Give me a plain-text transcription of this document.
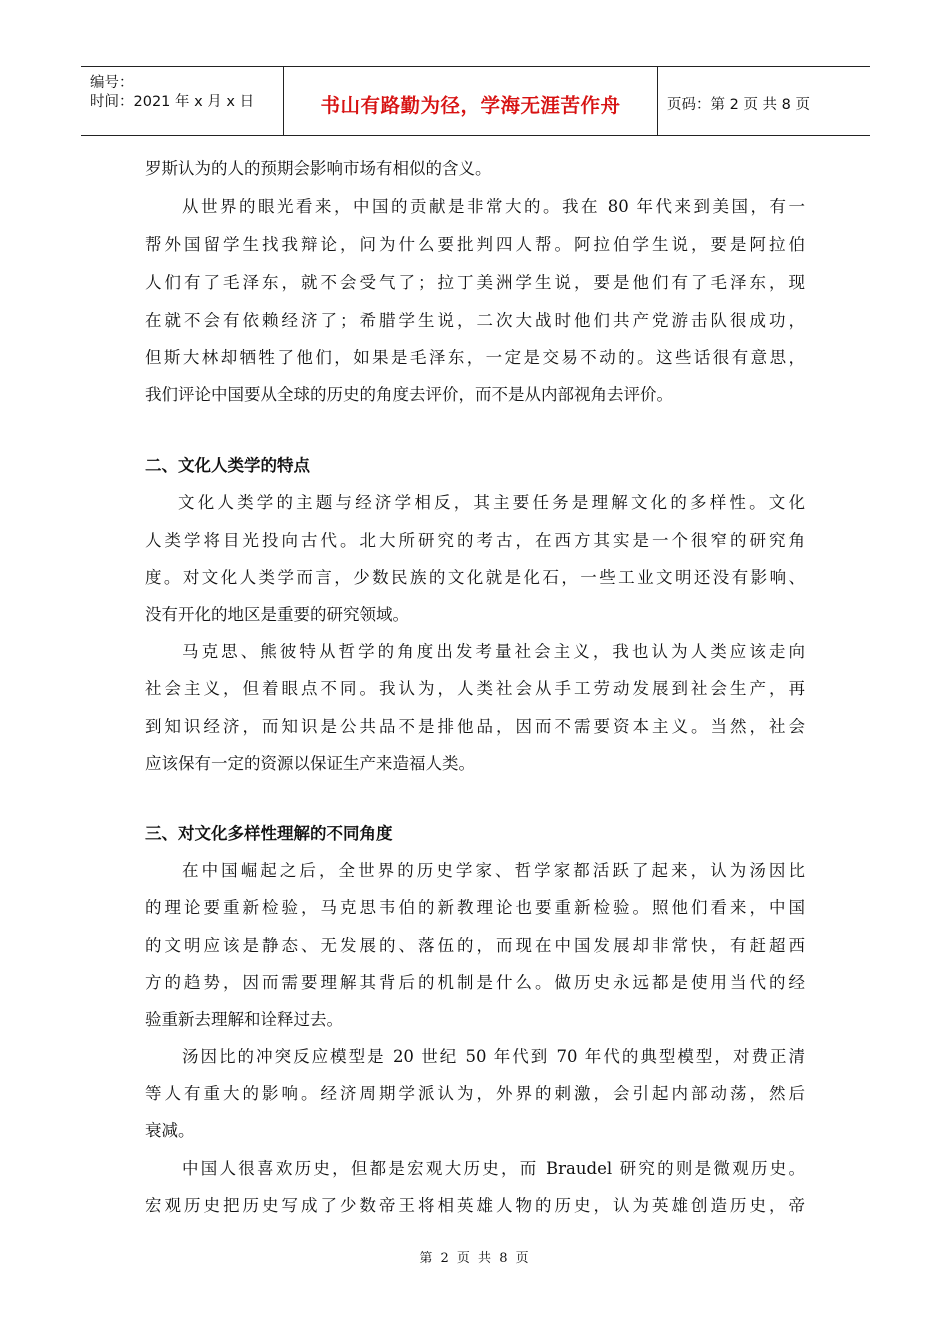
编号：
时间：2021 年 x 月 x 日	书山有路勤为径，学海无涯苦作舟	页码：第 2 页 共 8 页
罗斯认为的人的预期会影响市场有相似的含义。
从世界的眼光看来，中国的贡献是非常大的。我在 80 年代来到美国，有一
帮外国留学生找我辩论，问为什么要批判四人帮。阿拉伯学生说，要是阿拉伯
人们有了毛泽东，就不会受气了；拉丁美洲学生说，要是他们有了毛泽东，现
在就不会有依赖经济了；希腊学生说，二次大战时他们共产党游击队很成功，
但斯大林却牺牲了他们，如果是毛泽东，一定是交易不动的。这些话很有意思，
我们评论中国要从全球的历史的角度去评价，而不是从内部视角去评价。
二、文化人类学的特点
文化人类学的主题与经济学相反，其主要任务是理解文化的多样性。文化
人类学将目光投向古代。北大所研究的考古，在西方其实是一个很窄的研究角
度。对文化人类学而言，少数民族的文化就是化石，一些工业文明还没有影响、
没有开化的地区是重要的研究领域。
马克思、熊彼特从哲学的角度出发考量社会主义，我也认为人类应该走向
社会主义，但着眼点不同。我认为，人类社会从手工劳动发展到社会生产，再
到知识经济，而知识是公共品不是排他品，因而不需要资本主义。当然，社会
应该保有一定的资源以保证生产来造福人类。
三、对文化多样性理解的不同角度
在中国崛起之后，全世界的历史学家、哲学家都活跃了起来，认为汤因比
的理论要重新检验，马克思韦伯的新教理论也要重新检验。照他们看来，中国
的文明应该是静态、无发展的、落伍的，而现在中国发展却非常快，有赶超西
方的趋势，因而需要理解其背后的机制是什么。做历史永远都是使用当代的经
验重新去理解和诠释过去。
汤因比的冲突反应模型是 20 世纪 50 年代到 70 年代的典型模型，对费正清
等人有重大的影响。经济周期学派认为，外界的刺激，会引起内部动荡，然后
衰减。
中国人很喜欢历史，但都是宏观大历史，而 Braudel 研究的则是微观历史。
宏观历史把历史写成了少数帝王将相英雄人物的历史，认为英雄创造历史，帝
第 2 页 共 8 页
